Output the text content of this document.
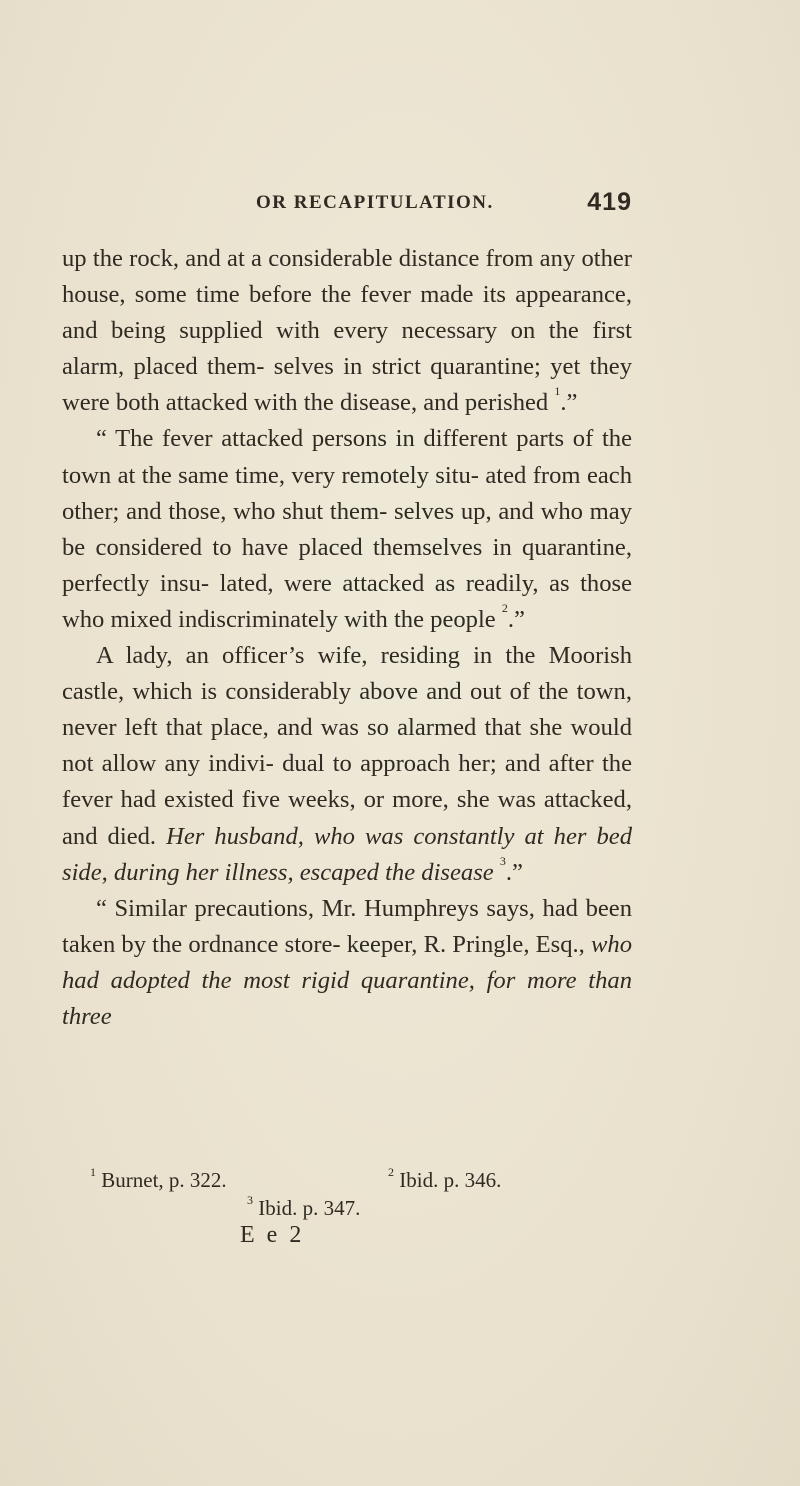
OR RECAPITULATION.	419

up the rock, and at a considerable distance from any other house, some time before the fever made its appearance, and being supplied with every necessary on the first alarm, placed them- selves in strict quarantine; yet they were both attacked with the disease, and perished $^1$.”

“ The fever attacked persons in different parts of the town at the same time, very remotely situ- ated from each other; and those, who shut them- selves up, and who may be considered to have placed themselves in quarantine, perfectly insu- lated, were attacked as readily, as those who mixed indiscriminately with the people $^2$.”

A lady, an officer’s wife, residing in the Moorish castle, which is considerably above and out of the town, never left that place, and was so alarmed that she would not allow any indivi- dual to approach her; and after the fever had existed five weeks, or more, she was attacked, and died. Her husband, who was constantly at her bed side, during her illness, escaped the disease $^3$.”

“ Similar precautions, Mr. Humphreys says, had been taken by the ordnance store- keeper, R. Pringle, Esq., who had adopted the most rigid quarantine, for more than three

$^1$ Burnet, p. 322.	$^2$ Ibid. p. 346.
$^3$ Ibid. p. 347.
E e 2
